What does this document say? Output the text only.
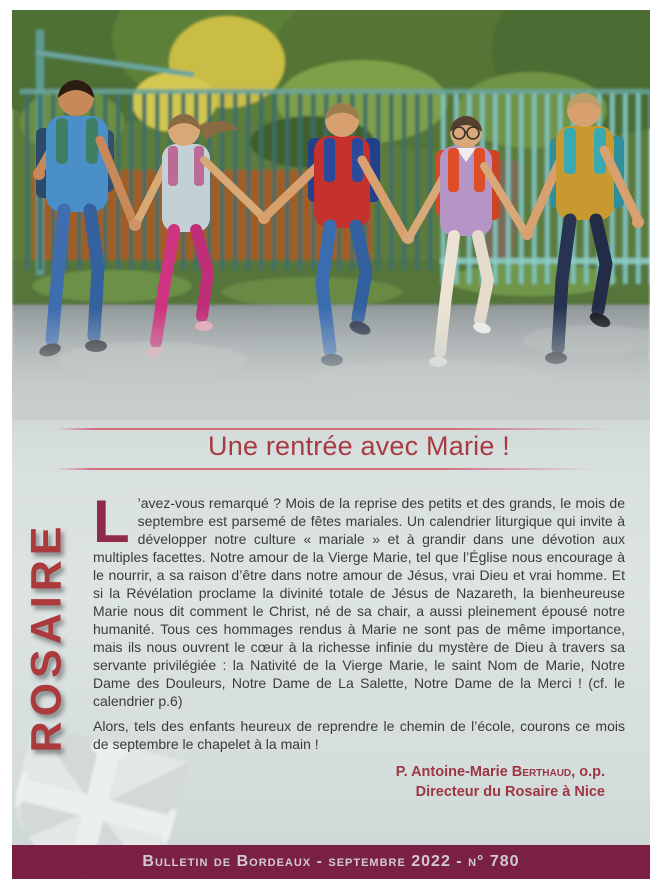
Une rentrée avec Marie !
ROSAIRE

L ’avez-vous remarqué ? Mois de la reprise des petits et des grands, le mois de septembre est parsemé de fêtes mariales. Un calendrier liturgique qui invite à développer notre culture « mariale » et à grandir dans une dévotion aux multiples facettes. Notre amour de la Vierge Marie, tel que l’Église nous encourage à le nourrir, a sa raison d’être dans notre amour de Jésus, vrai Dieu et vrai homme. Et si la Révélation proclame la divinité totale de Jésus de Nazareth, la bienheureuse Marie nous dit comment le Christ, né de sa chair, a aussi pleinement épousé notre humanité. Tous ces hommages rendus à Marie ne sont pas de même importance, mais ils nous ouvrent le cœur à la richesse infinie du mystère de Dieu à travers sa servante privilégiée : la Nativité de la Vierge Marie, le saint Nom de Marie, Notre Dame des Douleurs, Notre Dame de La Salette, Notre Dame de la Merci ! (cf. le calendrier p.6)

Alors, tels des enfants heureux de reprendre le chemin de l’école, courons ce mois de septembre le chapelet à la main !

P. Antoine-Marie Berthaud, o.p.
Directeur du Rosaire à Nice
Bulletin de Bordeaux - septembre 2022 - n° 780
